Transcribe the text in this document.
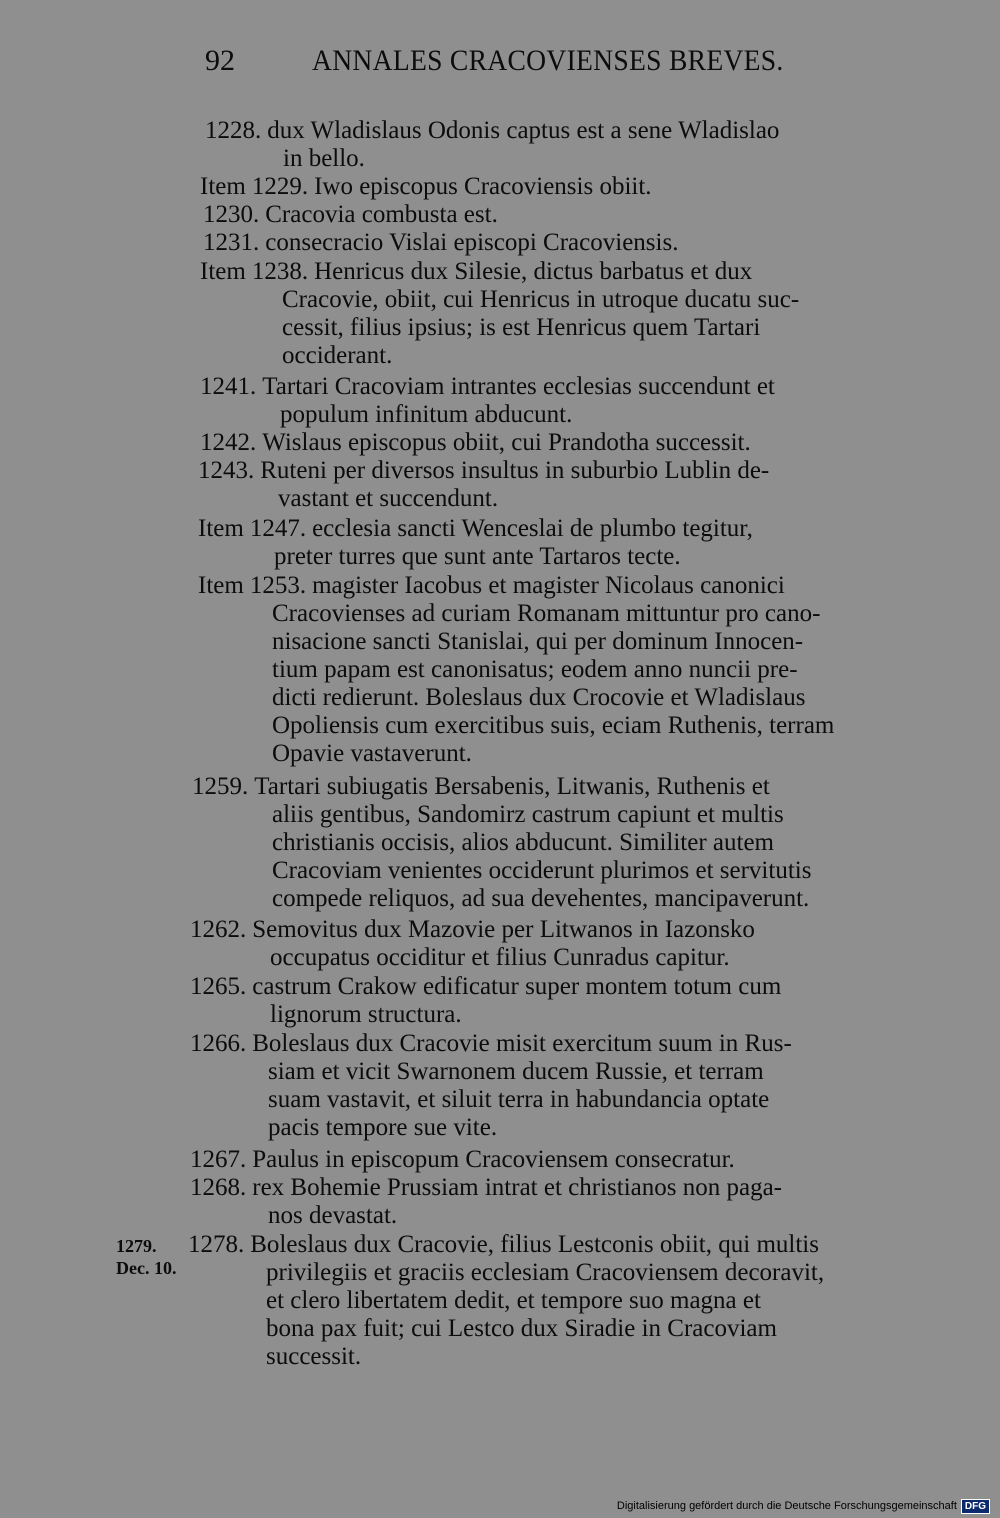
92	ANNALES CRACOVIENSES BREVES.
1279.
Dec. 10.

1228. dux Wladislaus Odonis captus est a sene Wladislao
in bello.

Item 1229. Iwo episcopus Cracoviensis obiit.

1230. Cracovia combusta est.

1231. consecracio Vislai episcopi Cracoviensis.

Item 1238. Henricus dux Silesie, dictus barbatus et dux
Cracovie, obiit, cui Henricus in utroque ducatu suc-
cessit, filius ipsius; is est Henricus quem Tartari
occiderant.

1241. Tartari Cracoviam intrantes ecclesias succendunt et
populum infinitum abducunt.

1242. Wislaus episcopus obiit, cui Prandotha successit.

1243. Ruteni per diversos insultus in suburbio Lublin de-
vastant et succendunt.

Item 1247. ecclesia sancti Wenceslai de plumbo tegitur,
preter turres que sunt ante Tartaros tecte.

Item 1253. magister Iacobus et magister Nicolaus canonici
Cracovienses ad curiam Romanam mittuntur pro cano-
nisacione sancti Stanislai, qui per dominum Innocen-
tium papam est canonisatus; eodem anno nuncii pre-
dicti redierunt. Boleslaus dux Crocovie et Wladislaus
Opoliensis cum exercitibus suis, eciam Ruthenis, terram
Opavie vastaverunt.

1259. Tartari subiugatis Bersabenis, Litwanis, Ruthenis et
aliis gentibus, Sandomirz castrum capiunt et multis
christianis occisis, alios abducunt. Similiter autem
Cracoviam venientes occiderunt plurimos et servitutis
compede reliquos, ad sua devehentes, mancipaverunt.

1262. Semovitus dux Mazovie per Litwanos in Iazonsko
occupatus occiditur et filius Cunradus capitur.

1265. castrum Crakow edificatur super montem totum cum
lignorum structura.

1266. Boleslaus dux Cracovie misit exercitum suum in Rus-
siam et vicit Swarnonem ducem Russie, et terram
suam vastavit, et siluit terra in habundancia optate
pacis tempore sue vite.

1267. Paulus in episcopum Cracoviensem consecratur.

1268. rex Bohemie Prussiam intrat et christianos non paga-
nos devastat.

1278. Boleslaus dux Cracovie, filius Lestconis obiit, qui multis
privilegiis et graciis ecclesiam Cracoviensem decoravit,
et clero libertatem dedit, et tempore suo magna et
bona pax fuit; cui Lestco dux Siradie in Cracoviam
successit.

Digitalisierung gefördert durch die Deutsche Forschungsgemeinschaft DFG
